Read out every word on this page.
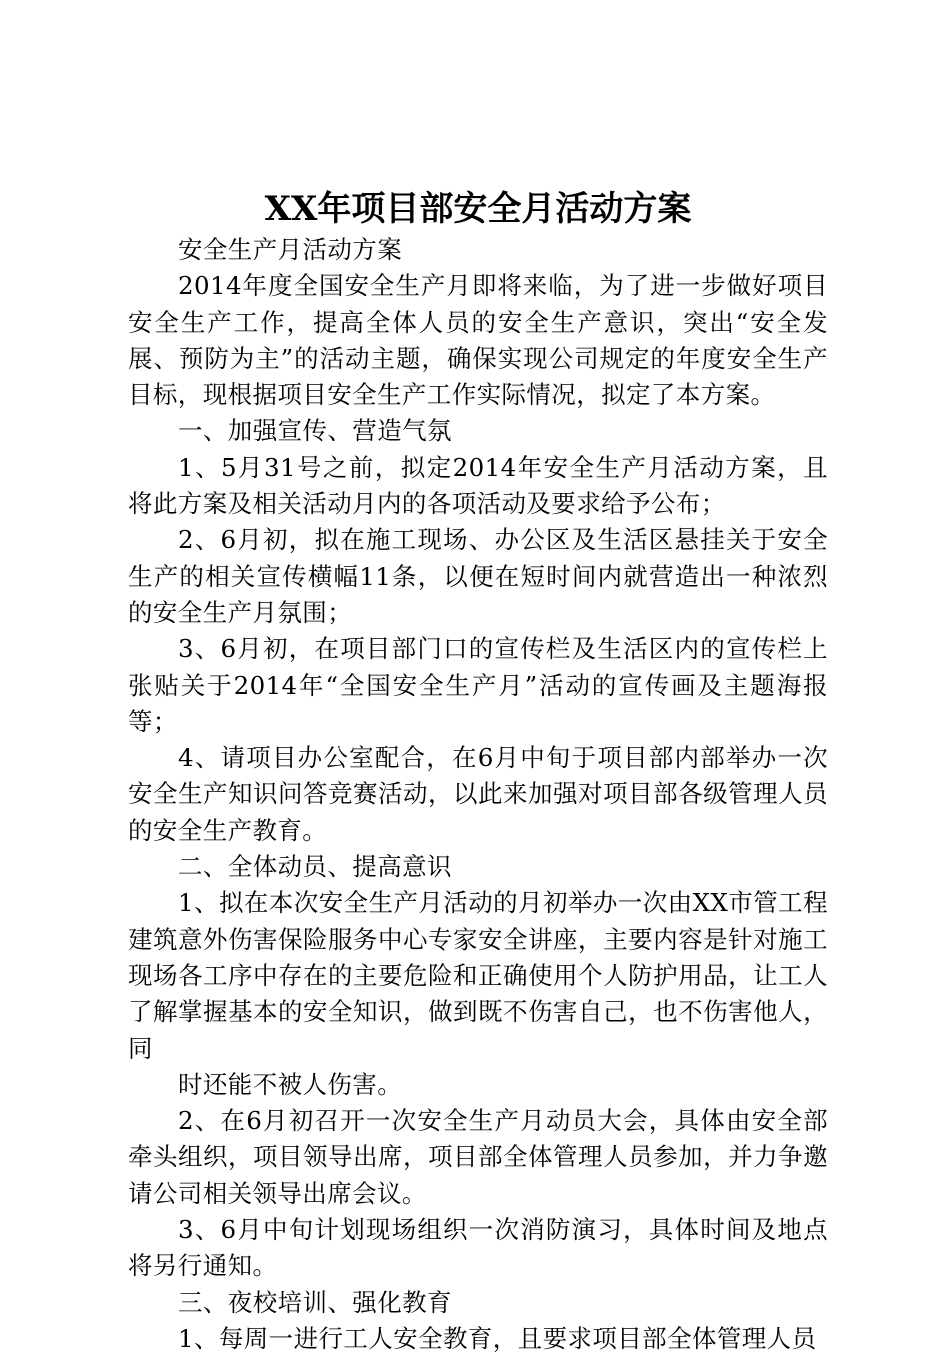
XX年项目部安全月活动方案

安全生产月活动方案

2014年度全国安全生产月即将来临，为了进一步做好项目安全生产工作，提高全体人员的安全生产意识，突出“安全发展、预防为主”的活动主题，确保实现公司规定的年度安全生产目标，现根据项目安全生产工作实际情况，拟定了本方案。

一、加强宣传、营造气氛

1、5月31号之前，拟定2014年安全生产月活动方案，且将此方案及相关活动月内的各项活动及要求给予公布；

2、6月初，拟在施工现场、办公区及生活区悬挂关于安全生产的相关宣传横幅11条，以便在短时间内就营造出一种浓烈的安全生产月氛围；

3、6月初，在项目部门口的宣传栏及生活区内的宣传栏上张贴关于2014年“全国安全生产月”活动的宣传画及主题海报等；

4、请项目办公室配合，在6月中旬于项目部内部举办一次安全生产知识问答竞赛活动，以此来加强对项目部各级管理人员的安全生产教育。

二、全体动员、提高意识

1、拟在本次安全生产月活动的月初举办一次由XX市管工程建筑意外伤害保险服务中心专家安全讲座，主要内容是针对施工现场各工序中存在的主要危险和正确使用个人防护用品，让工人了解掌握基本的安全知识，做到既不伤害自己，也不伤害他人，同

时还能不被人伤害。

2、在6月初召开一次安全生产月动员大会，具体由安全部牵头组织，项目领导出席，项目部全体管理人员参加，并力争邀请公司相关领导出席会议。

3、6月中旬计划现场组织一次消防演习，具体时间及地点将另行通知。

三、夜校培训、强化教育

1、每周一进行工人安全教育，且要求项目部全体管理人员
